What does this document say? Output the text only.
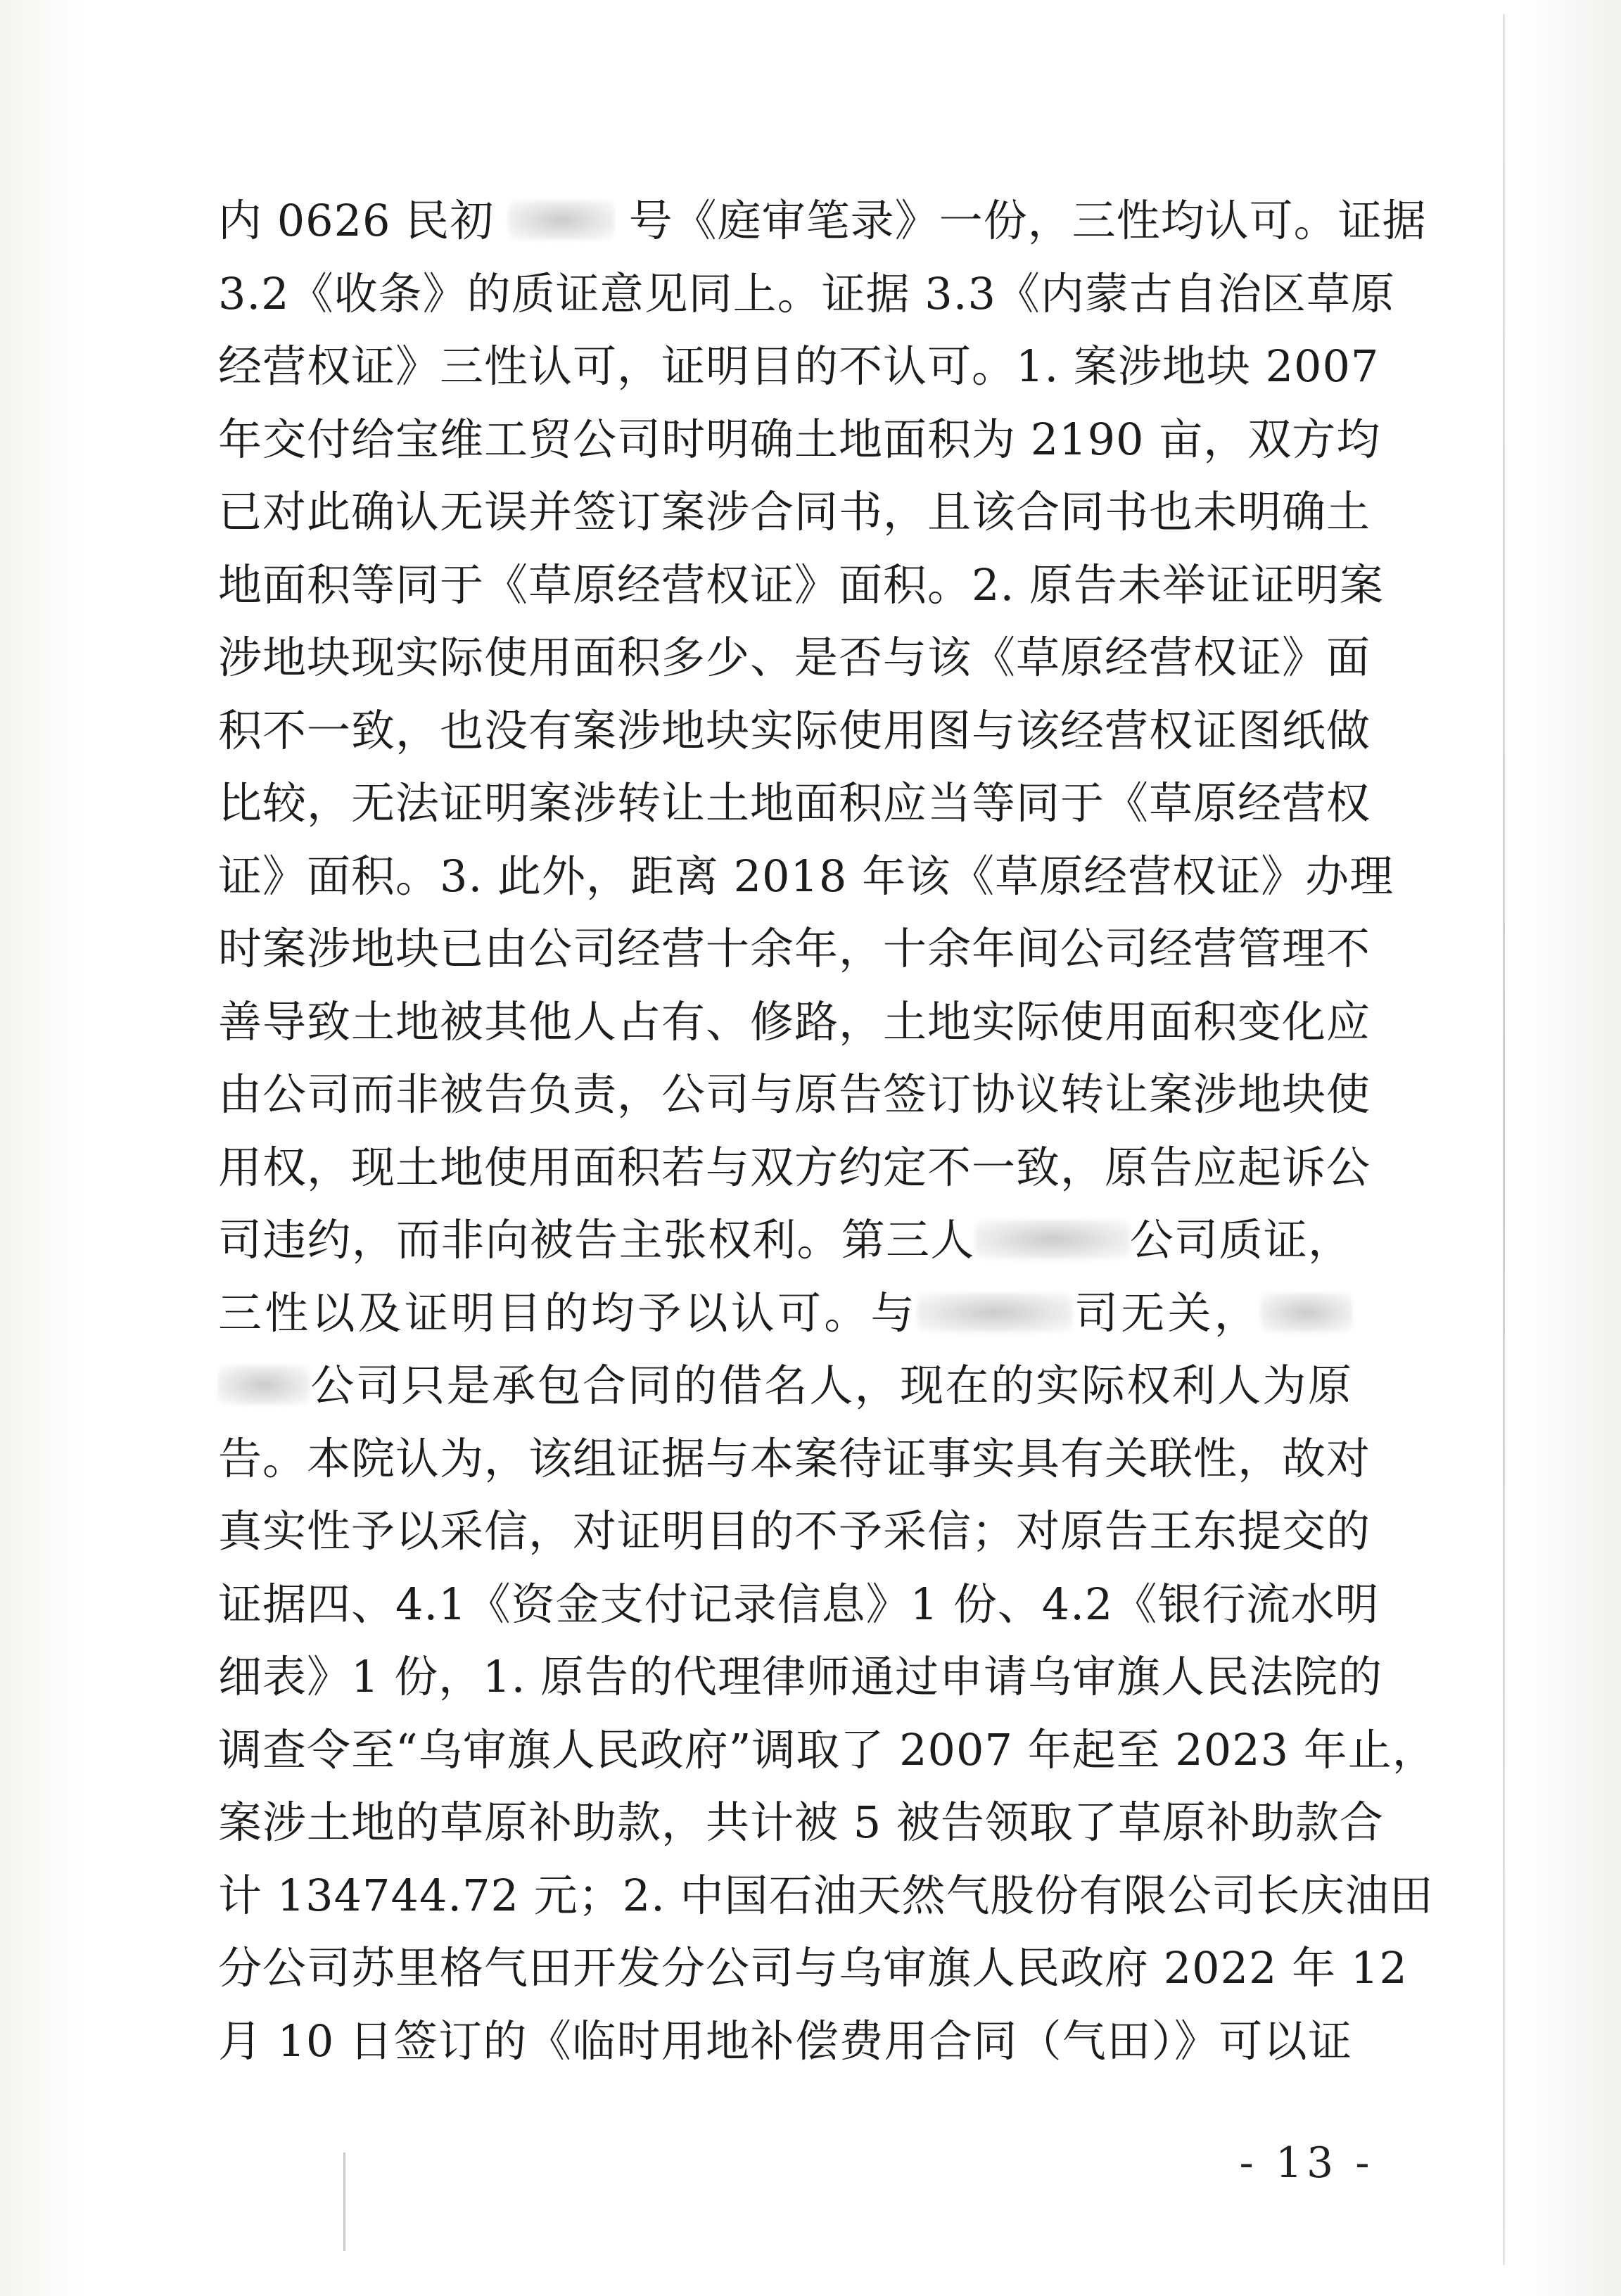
内 0626 民初  号《庭审笔录》一份，三性均认可。证据
3.2《收条》的质证意见同上。证据 3.3《内蒙古自治区草原
经营权证》三性认可，证明目的不认可。1. 案涉地块 2007
年交付给宝维工贸公司时明确土地面积为 2190 亩，双方均
已对此确认无误并签订案涉合同书，且该合同书也未明确土
地面积等同于《草原经营权证》面积。2. 原告未举证证明案
涉地块现实际使用面积多少、是否与该《草原经营权证》面
积不一致，也没有案涉地块实际使用图与该经营权证图纸做
比较，无法证明案涉转让土地面积应当等同于《草原经营权
证》面积。3. 此外，距离 2018 年该《草原经营权证》办理
时案涉地块已由公司经营十余年，十余年间公司经营管理不
善导致土地被其他人占有、修路，土地实际使用面积变化应
由公司而非被告负责，公司与原告签订协议转让案涉地块使
用权，现土地使用面积若与双方约定不一致，原告应起诉公
司违约，而非向被告主张权利。第三人	公司质证，
三性以及证明目的均予以认可。与	司无关，
公司只是承包合同的借名人，现在的实际权利人为原
告。本院认为，该组证据与本案待证事实具有关联性，故对
真实性予以采信，对证明目的不予采信；对原告王东提交的
证据四、4.1《资金支付记录信息》1 份、4.2《银行流水明
细表》1 份，1. 原告的代理律师通过申请乌审旗人民法院的
调查令至“乌审旗人民政府”调取了 2007 年起至 2023 年止，
案涉土地的草原补助款，共计被 5 被告领取了草原补助款合
计 134744.72 元；2. 中国石油天然气股份有限公司长庆油田
分公司苏里格气田开发分公司与乌审旗人民政府 2022 年 12
月 10 日签订的《临时用地补偿费用合同（气田）》可以证
- 13 -
